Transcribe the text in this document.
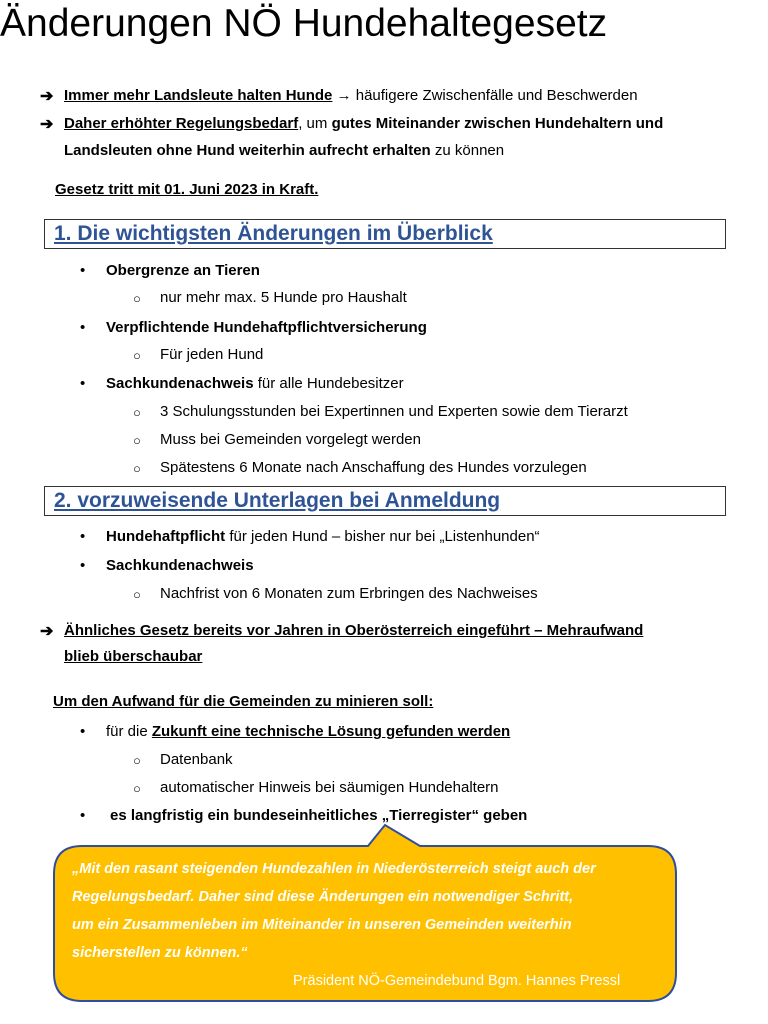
Änderungen NÖ Hundehaltegesetz
➔ Immer mehr Landsleute halten Hunde → häufigere Zwischenfälle und Beschwerden
➔ Daher erhöhter Regelungsbedarf, um gutes Miteinander zwischen Hundehaltern und
Landsleuten ohne Hund weiterhin aufrecht erhalten zu können
Gesetz tritt mit 01. Juni 2023 in Kraft.
1. Die wichtigsten Änderungen im Überblick
• Obergrenze an Tieren
○ nur mehr max. 5 Hunde pro Haushalt
• Verpflichtende Hundehaftpflichtversicherung
○ Für jeden Hund
• Sachkundenachweis für alle Hundebesitzer
○ 3 Schulungsstunden bei Expertinnen und Experten sowie dem Tierarzt
○ Muss bei Gemeinden vorgelegt werden
○ Spätestens 6 Monate nach Anschaffung des Hundes vorzulegen
2. vorzuweisende Unterlagen bei Anmeldung
• Hundehaftpflicht für jeden Hund – bisher nur bei „Listenhunden“
• Sachkundenachweis
○ Nachfrist von 6 Monaten zum Erbringen des Nachweises
➔ Ähnliches Gesetz bereits vor Jahren in Oberösterreich eingeführt – Mehraufwand
blieb überschaubar
Um den Aufwand für die Gemeinden zu minieren soll:
• für die Zukunft eine technische Lösung gefunden werden
○ Datenbank
○ automatischer Hinweis bei säumigen Hundehaltern
• es langfristig ein bundeseinheitliches „Tierregister“ geben
„Mit den rasant steigenden Hundezahlen in Niederösterreich steigt auch der
Regelungsbedarf. Daher sind diese Änderungen ein notwendiger Schritt,
um ein Zusammenleben im Miteinander in unseren Gemeinden weiterhin
sicherstellen zu können.“
Präsident NÖ-Gemeindebund Bgm. Hannes Pressl
